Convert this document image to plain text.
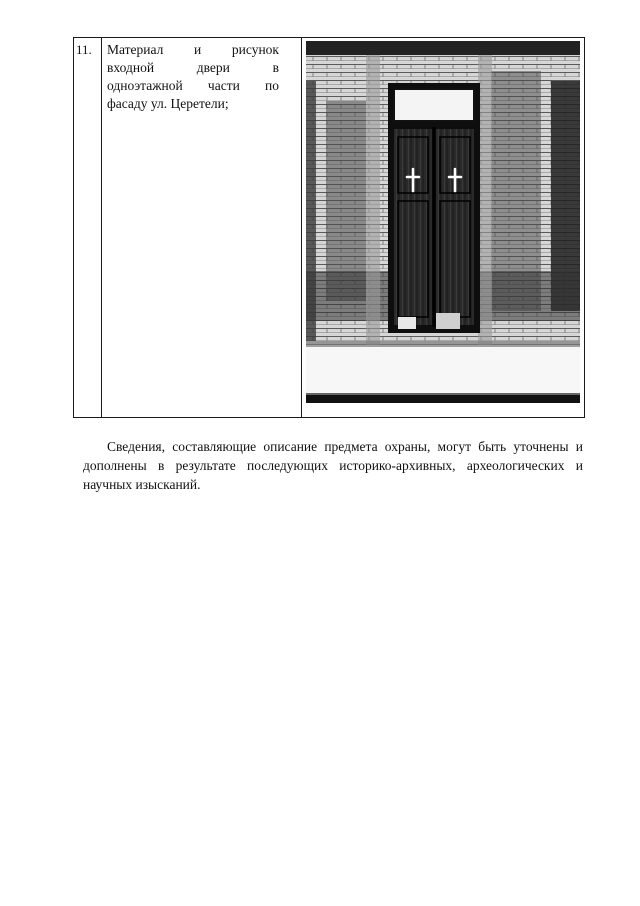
11.	Материал и рисунок
входной двери в
одноэтажной части по
фасаду ул. Церетели;
Сведения, составляющие описание предмета охраны, могут быть уточнены и
дополнены в результате последующих историко-архивных, археологических и
научных изысканий.
